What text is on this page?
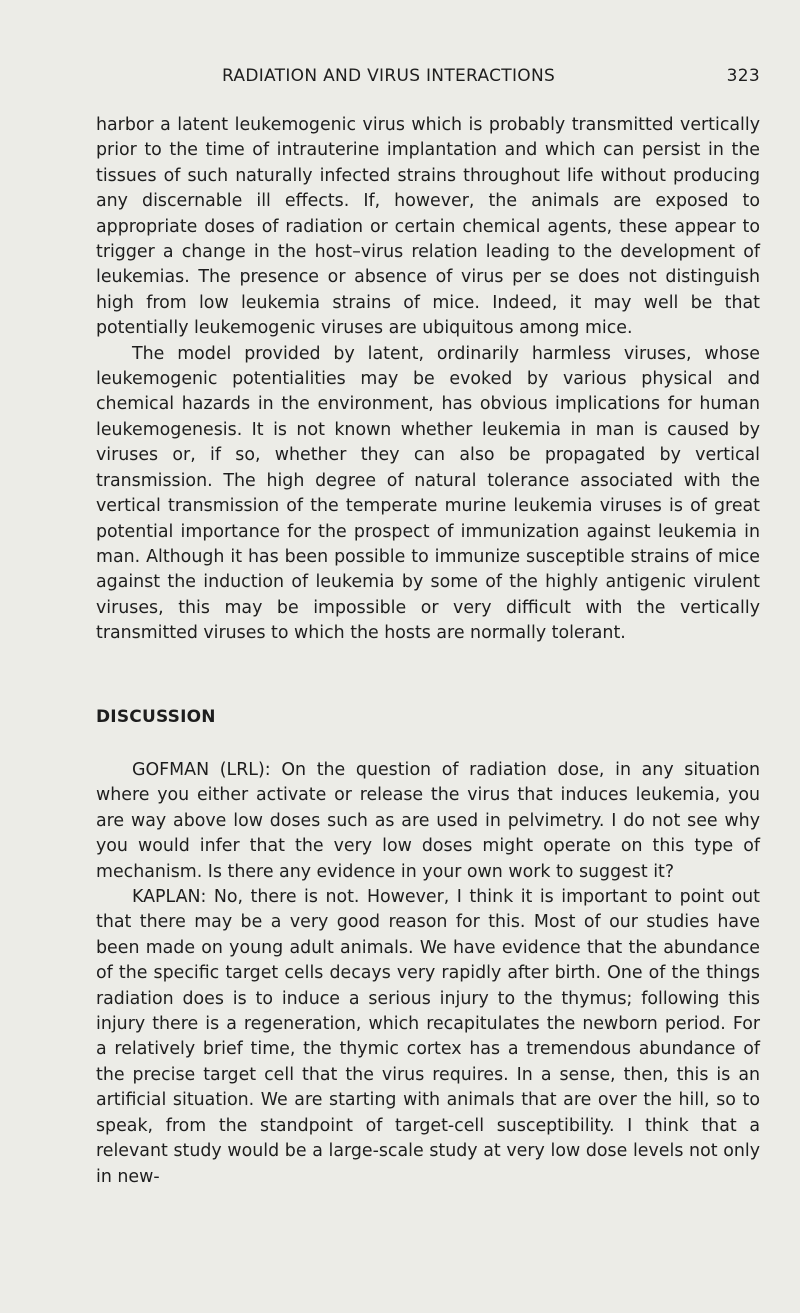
RADIATION AND VIRUS INTERACTIONS	323

harbor a latent leukemogenic virus which is probably transmitted vertically prior to the time of intrauterine implantation and which can persist in the tissues of such naturally infected strains throughout life without producing any discernable ill effects. If, however, the animals are exposed to appropriate doses of radiation or certain chemical agents, these appear to trigger a change in the host–virus relation leading to the development of leukemias. The presence or absence of virus per se does not distinguish high from low leukemia strains of mice. Indeed, it may well be that potentially leukemogenic viruses are ubiquitous among mice.

The model provided by latent, ordinarily harmless viruses, whose leukemogenic potentialities may be evoked by various physical and chemical hazards in the environment, has obvious implications for human leukemogenesis. It is not known whether leukemia in man is caused by viruses or, if so, whether they can also be propagated by vertical transmission. The high degree of natural tolerance associated with the vertical transmission of the temperate murine leukemia viruses is of great potential importance for the prospect of immunization against leukemia in man. Although it has been possible to immunize susceptible strains of mice against the induction of leukemia by some of the highly antigenic virulent viruses, this may be impossible or very difficult with the vertically transmitted viruses to which the hosts are normally tolerant.

DISCUSSION

GOFMAN (LRL): On the question of radiation dose, in any situation where you either activate or release the virus that induces leukemia, you are way above low doses such as are used in pelvimetry. I do not see why you would infer that the very low doses might operate on this type of mechanism. Is there any evidence in your own work to suggest it?

KAPLAN: No, there is not. However, I think it is important to point out that there may be a very good reason for this. Most of our studies have been made on young adult animals. We have evidence that the abundance of the specific target cells decays very rapidly after birth. One of the things radiation does is to induce a serious injury to the thymus; following this injury there is a regeneration, which recapitulates the newborn period. For a relatively brief time, the thymic cortex has a tremendous abundance of the precise target cell that the virus requires. In a sense, then, this is an artificial situation. We are starting with animals that are over the hill, so to speak, from the standpoint of target-cell susceptibility. I think that a relevant study would be a large-scale study at very low dose levels not only in new-
